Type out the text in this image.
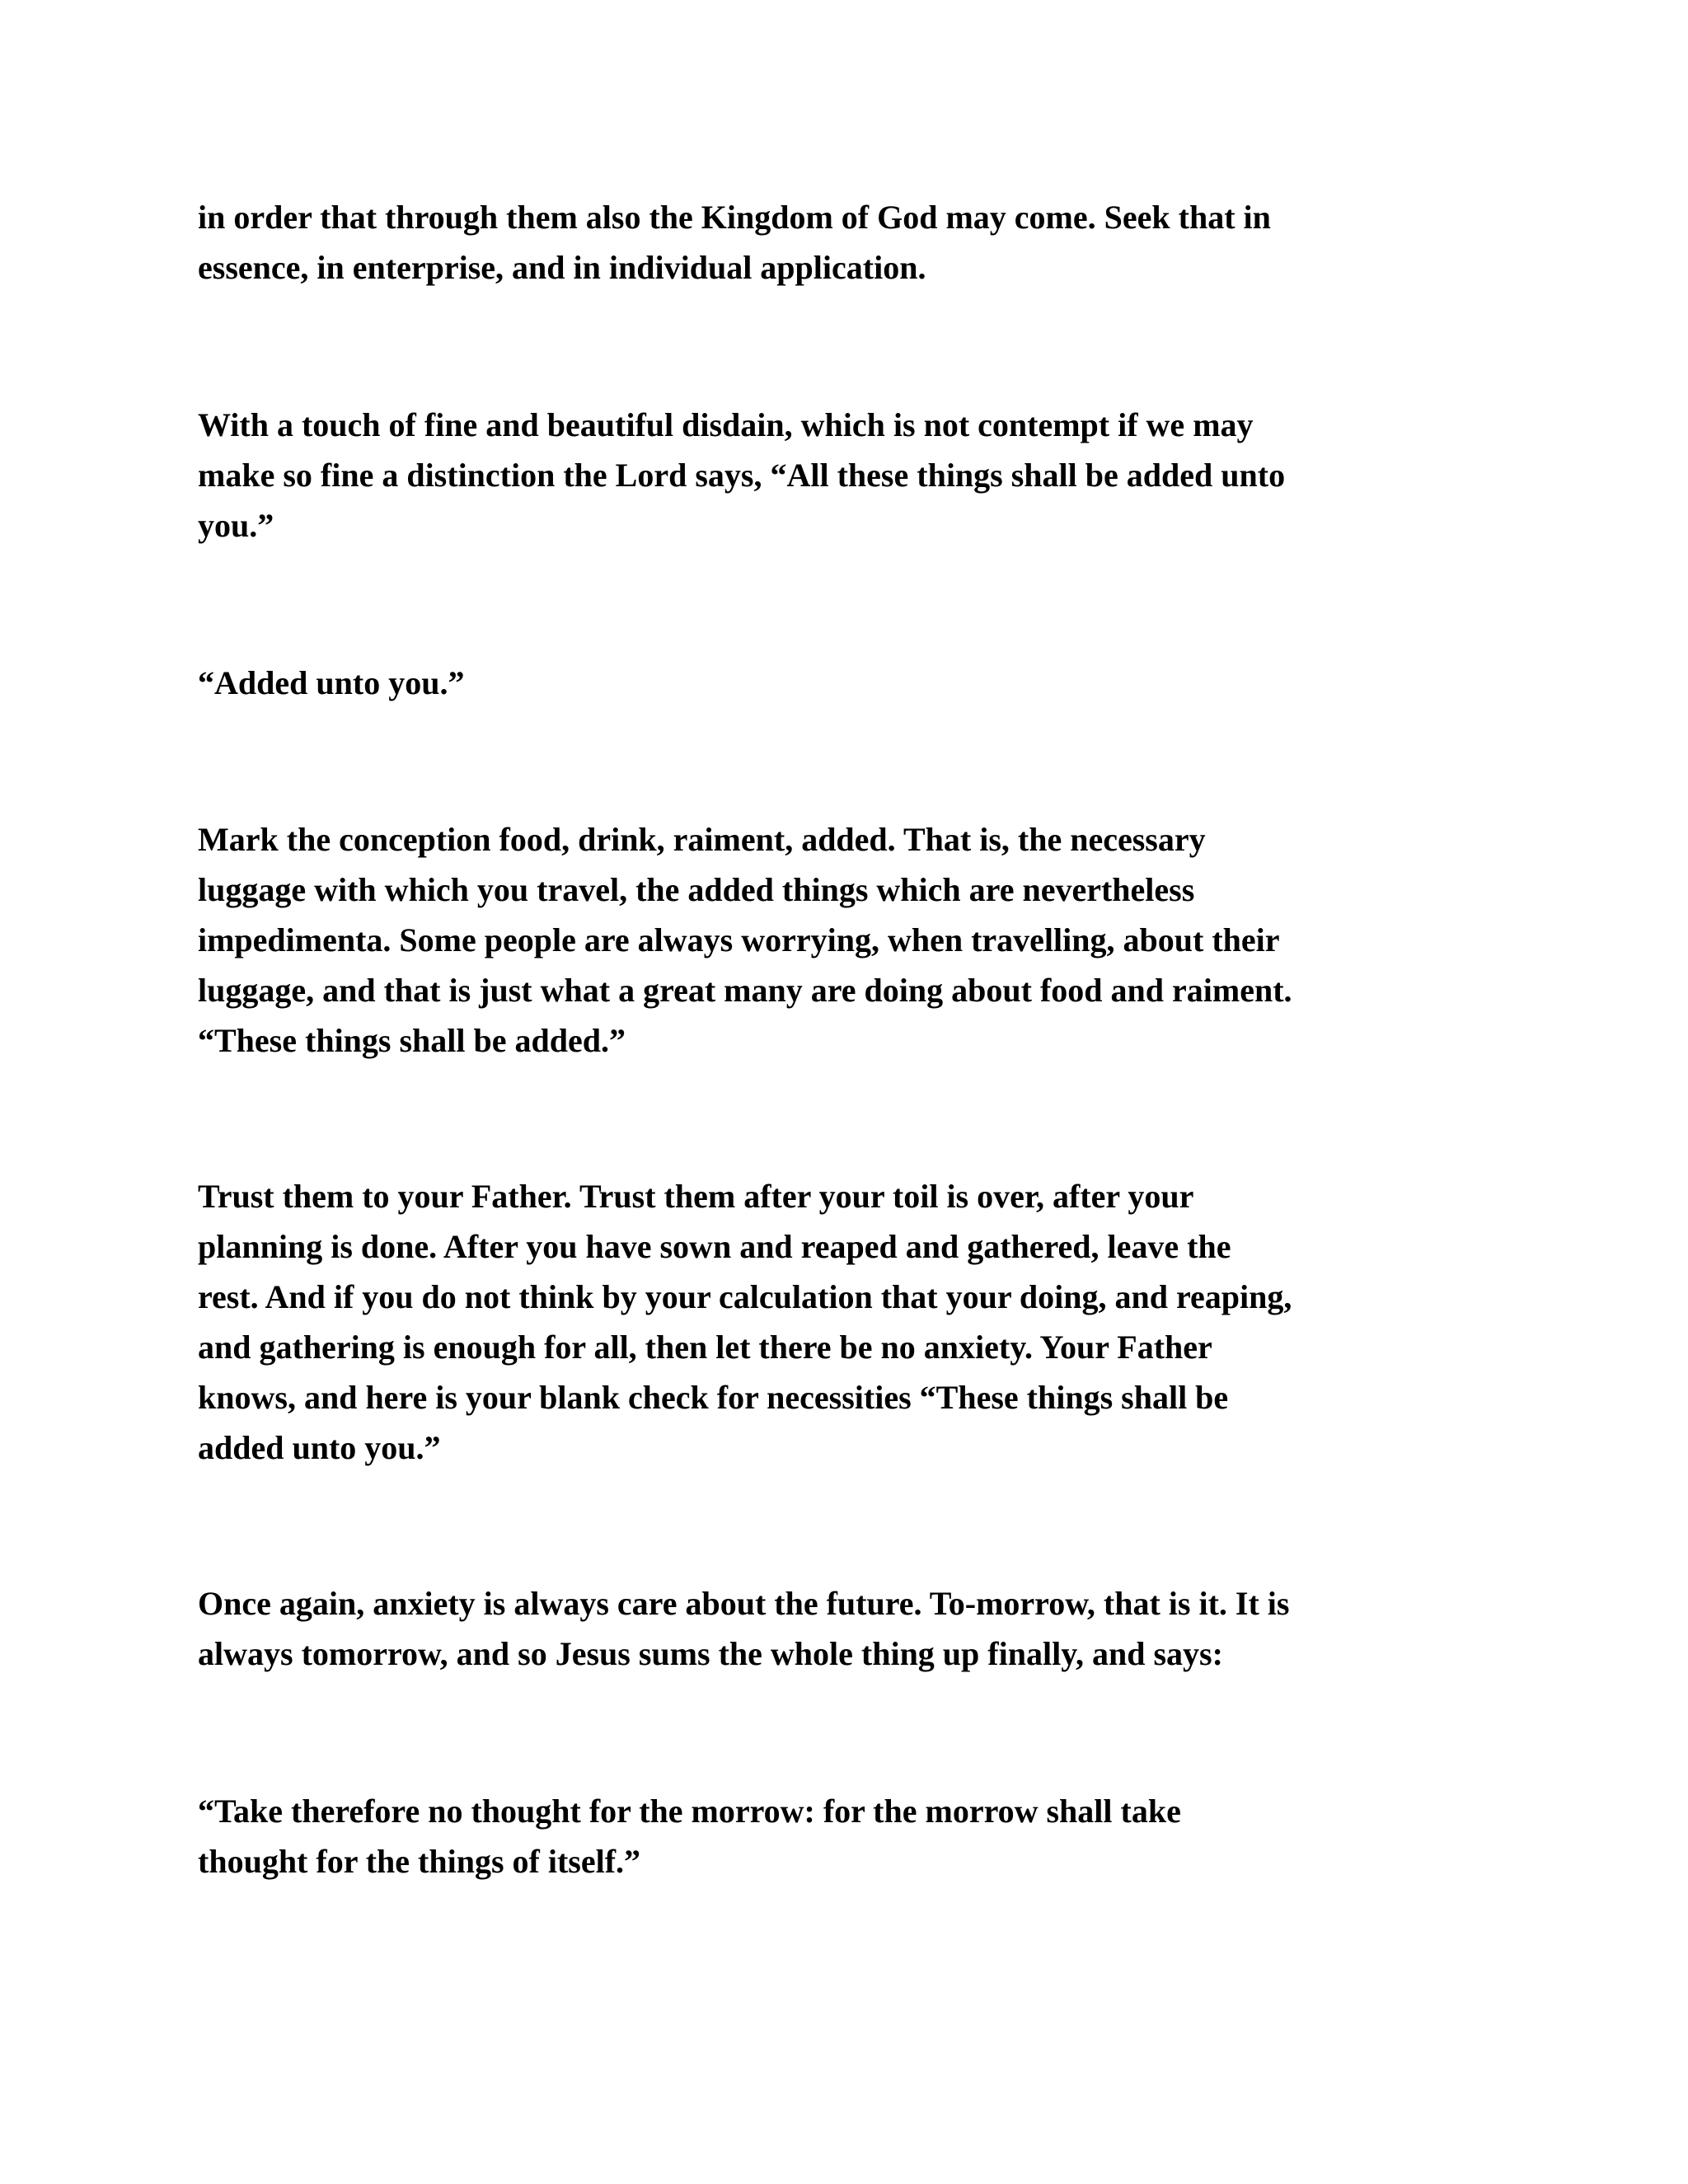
in order that through them also the Kingdom of God may come. Seek that in
essence, in enterprise, and in individual application.

With a touch of fine and beautiful disdain, which is not contempt if we may
make so fine a distinction the Lord says, “All these things shall be added unto
you.”

“Added unto you.”

Mark the conception food, drink, raiment, added. That is, the necessary
luggage with which you travel, the added things which are nevertheless
impedimenta. Some people are always worrying, when travelling, about their
luggage, and that is just what a great many are doing about food and raiment.
“These things shall be added.”

Trust them to your Father. Trust them after your toil is over, after your
planning is done. After you have sown and reaped and gathered, leave the
rest. And if you do not think by your calculation that your doing, and reaping,
and gathering is enough for all, then let there be no anxiety. Your Father
knows, and here is your blank check for necessities “These things shall be
added unto you.”

Once again, anxiety is always care about the future. To-morrow, that is it. It is
always tomorrow, and so Jesus sums the whole thing up finally, and says:

“Take therefore no thought for the morrow: for the morrow shall take
thought for the things of itself.”
